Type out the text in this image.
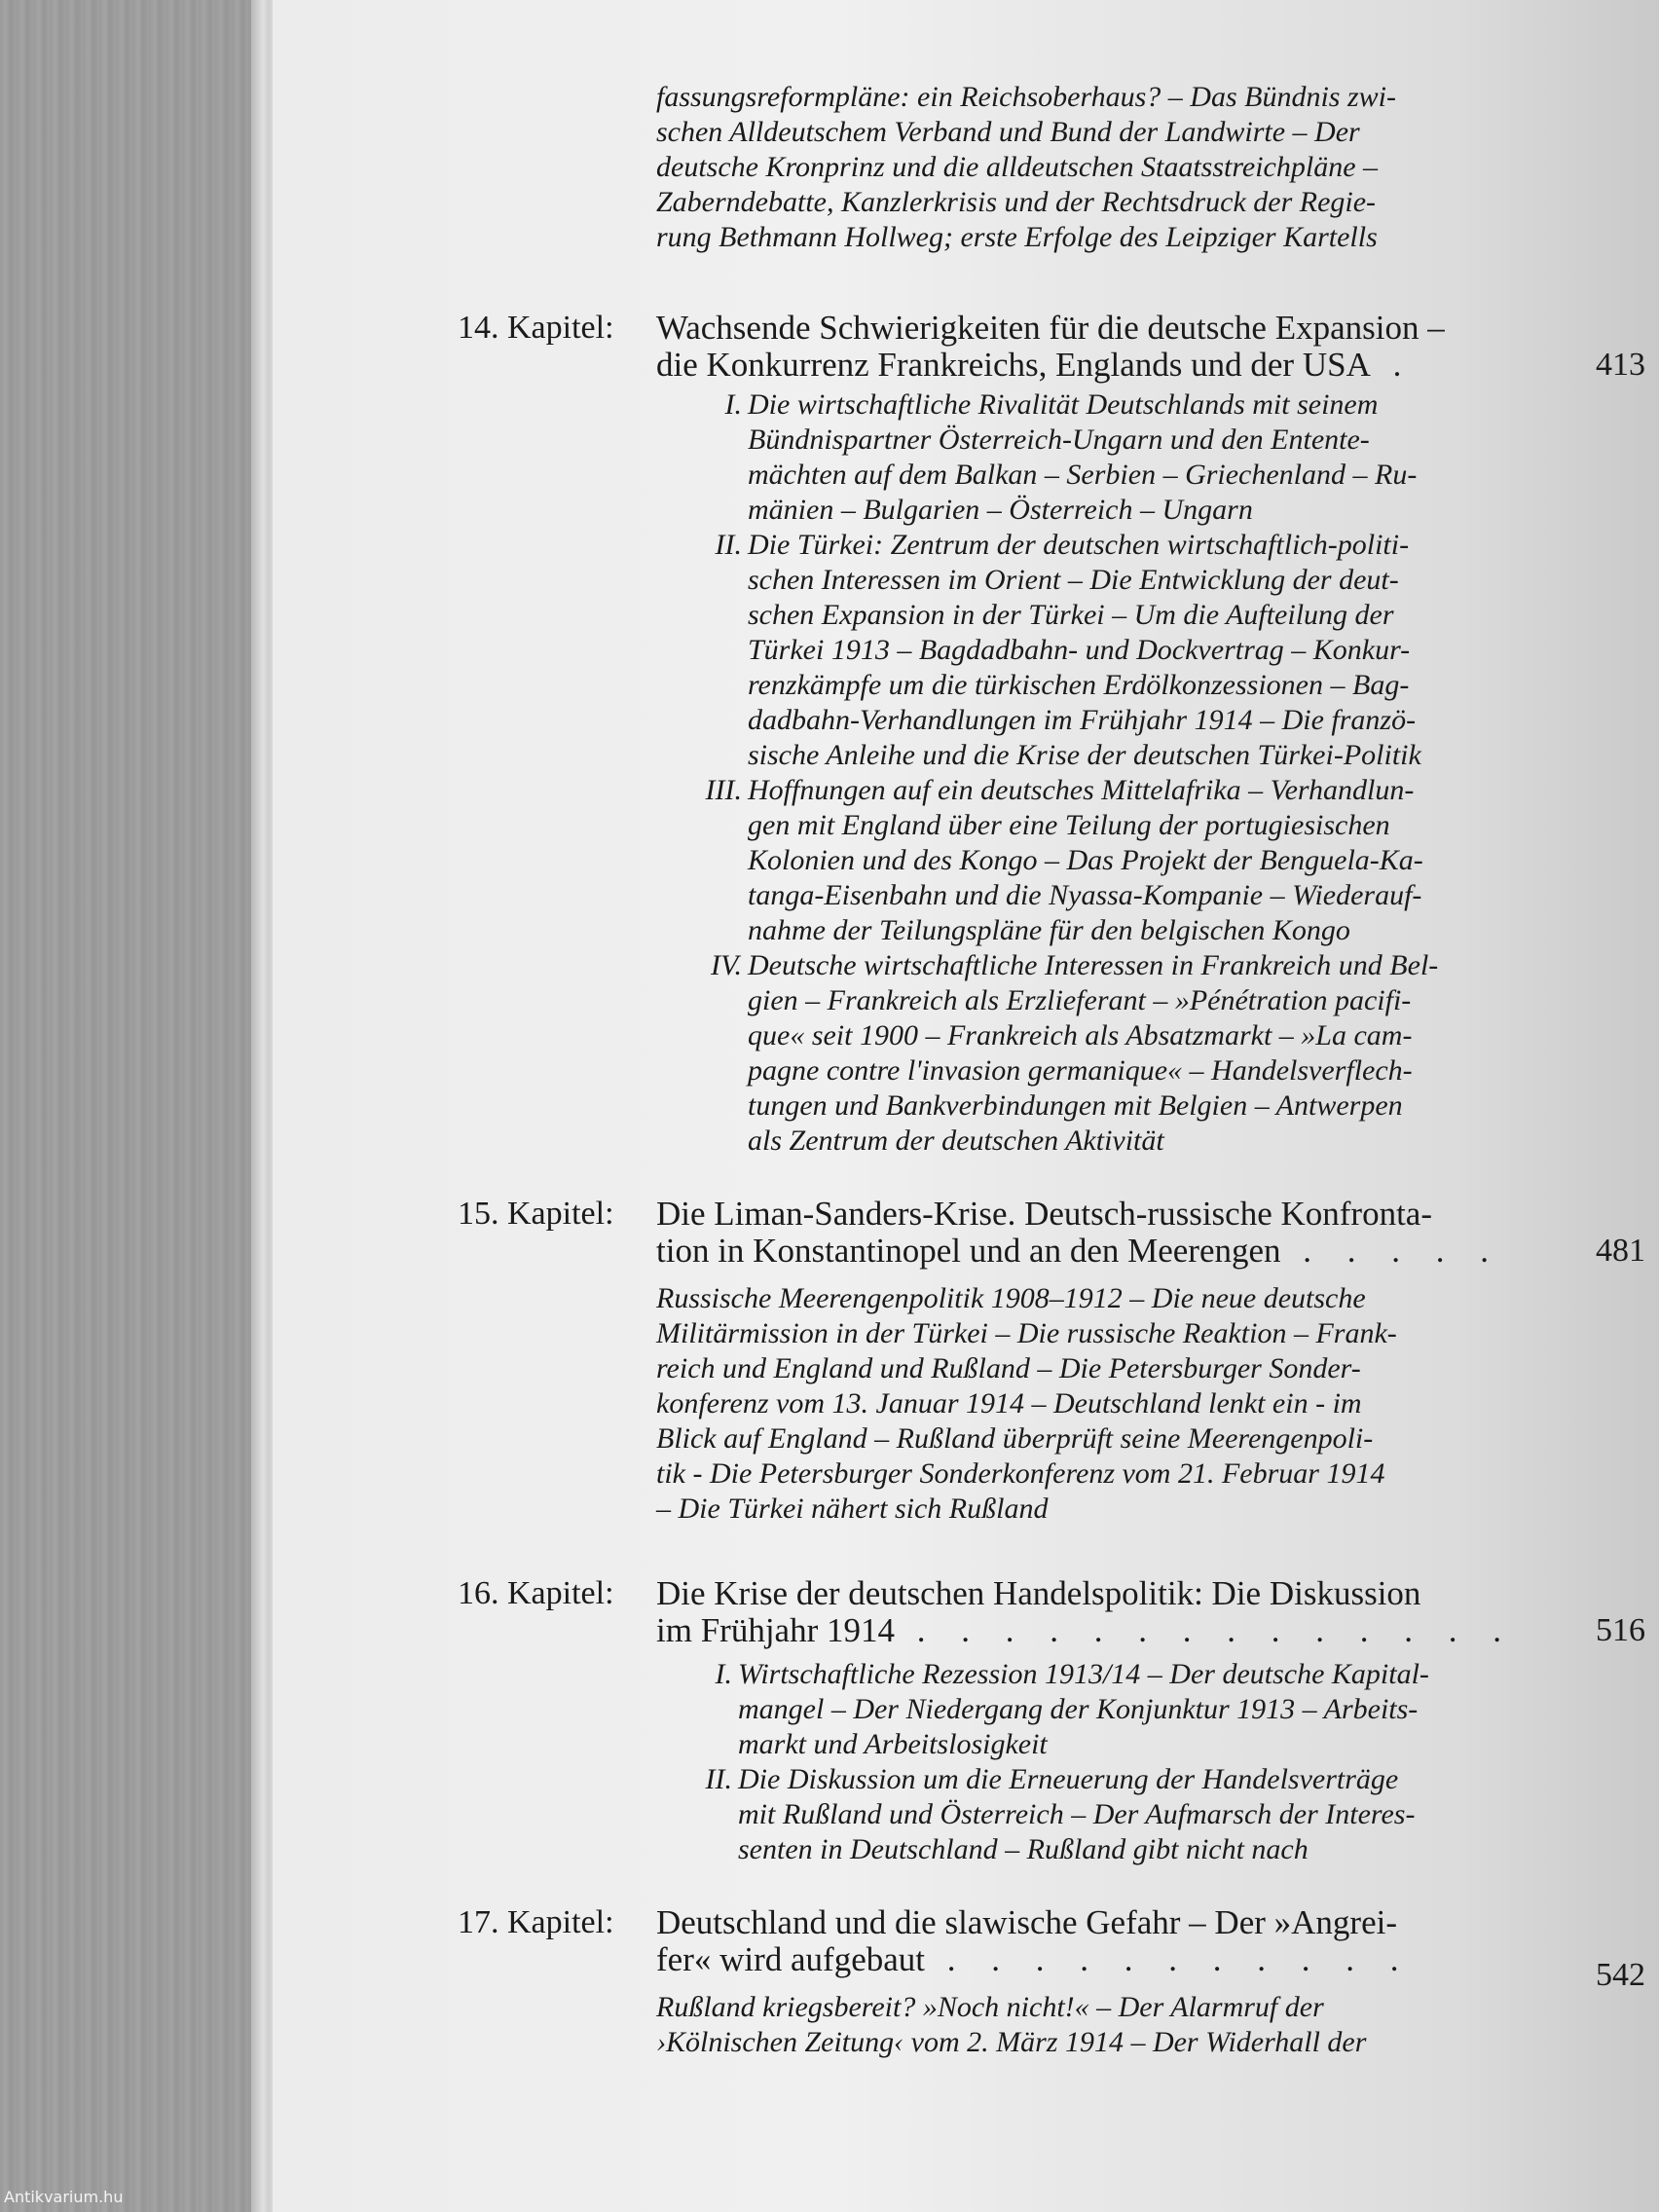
fassungsreformpläne: ein Reichsoberhaus? – Das Bündnis zwi-
schen Alldeutschem Verband und Bund der Landwirte – Der
deutsche Kronprinz und die alldeutschen Staatsstreichpläne –
Zaberndebatte, Kanzlerkrisis und der Rechtsdruck der Regie-
rung Bethmann Hollweg; erste Erfolge des Leipziger Kartells
14. Kapitel:	Wachsende Schwierigkeiten für die deutsche Expansion –
die Konkurrenz Frankreichs, Englands und der USA .	413
I. Die wirtschaftliche Rivalität Deutschlands mit seinem
Bündnispartner Österreich-Ungarn und den Entente-
mächten auf dem Balkan – Serbien – Griechenland – Ru-
mänien – Bulgarien – Österreich – Ungarn
II. Die Türkei: Zentrum der deutschen wirtschaftlich-politi-
schen Interessen im Orient – Die Entwicklung der deut-
schen Expansion in der Türkei – Um die Aufteilung der
Türkei 1913 – Bagdadbahn- und Dockvertrag – Konkur-
renzkämpfe um die türkischen Erdölkonzessionen – Bag-
dadbahn-Verhandlungen im Frühjahr 1914 – Die franzö-
sische Anleihe und die Krise der deutschen Türkei-Politik
III. Hoffnungen auf ein deutsches Mittelafrika – Verhandlun-
gen mit England über eine Teilung der portugiesischen
Kolonien und des Kongo – Das Projekt der Benguela-Ka-
tanga-Eisenbahn und die Nyassa-Kompanie – Wiederauf-
nahme der Teilungspläne für den belgischen Kongo
IV. Deutsche wirtschaftliche Interessen in Frankreich und Bel-
gien – Frankreich als Erzlieferant – »Pénétration pacifi-
que« seit 1900 – Frankreich als Absatzmarkt – »La cam-
pagne contre l'invasion germanique« – Handelsverflech-
tungen und Bankverbindungen mit Belgien – Antwerpen
als Zentrum der deutschen Aktivität
15. Kapitel:	Die Liman-Sanders-Krise. Deutsch-russische Konfronta-
tion in Konstantinopel und an den Meerengen . . . . .	481
Russische Meerengenpolitik 1908–1912 – Die neue deutsche
Militärmission in der Türkei – Die russische Reaktion – Frank-
reich und England und Rußland – Die Petersburger Sonder-
konferenz vom 13. Januar 1914 – Deutschland lenkt ein - im
Blick auf England – Rußland überprüft seine Meerengenpoli-
tik - Die Petersburger Sonderkonferenz vom 21. Februar 1914
– Die Türkei nähert sich Rußland
16. Kapitel:	Die Krise der deutschen Handelspolitik: Die Diskussion
im Frühjahr 1914 . . . . . . . . . . . . . .	516
I. Wirtschaftliche Rezession 1913/14 – Der deutsche Kapital-
mangel – Der Niedergang der Konjunktur 1913 – Arbeits-
markt und Arbeitslosigkeit
II. Die Diskussion um die Erneuerung der Handelsverträge
mit Rußland und Österreich – Der Aufmarsch der Interes-
senten in Deutschland – Rußland gibt nicht nach
17. Kapitel:	Deutschland und die slawische Gefahr – Der »Angrei-
fer« wird aufgebaut . . . . . . . . . . .	542
Rußland kriegsbereit? »Noch nicht!« – Der Alarmruf der
›Kölnischen Zeitung‹ vom 2. März 1914 – Der Widerhall der
Antikvarium.hu
